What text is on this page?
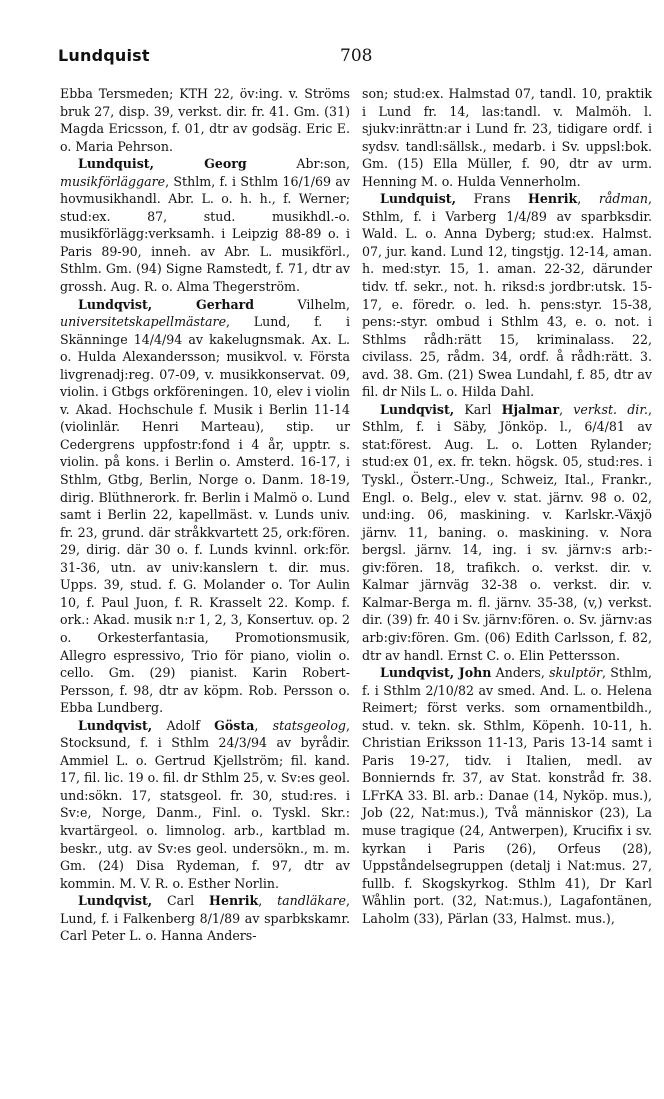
Lundquist	708

Ebba Tersmeden; KTH 22, öv:ing. v. Ströms bruk 27, disp. 39, verkst. dir. fr. 41. Gm. (31) Magda Ericsson, f. 01, dtr av godsäg. Eric E. o. Maria Pehrson.

Lundquist, Georg Abr:son, musikförläggare, Sthlm, f. i Sthlm 16/1/69 av hovmusikhandl. Abr. L. o. h. h., f. Werner; stud:ex. 87, stud. musikhdl.-o. musikförlägg:verksamh. i Leipzig 88-89 o. i Paris 89-90, inneh. av Abr. L. musikförl., Sthlm. Gm. (94) Signe Ramstedt, f. 71, dtr av grossh. Aug. R. o. Alma Thegerström.

Lundqvist, Gerhard Vilhelm, universitetskapellmästare, Lund, f. i Skänninge 14/4/94 av kakelugnsmak. Ax. L. o. Hulda Alexandersson; musikvol. v. Första livgrenadj:reg. 07-09, v. musikkonservat. 09, violin. i Gtbgs orkföreningen. 10, elev i violin v. Akad. Hochschule f. Musik i Berlin 11-14 (violinlär. Henri Marteau), stip. ur Cedergrens uppfostr:fond i 4 år, upptr. s. violin. på kons. i Berlin o. Amsterd. 16-17, i Sthlm, Gtbg, Berlin, Norge o. Danm. 18-19, dirig. Blüthnerork. fr. Berlin i Malmö o. Lund samt i Berlin 22, kapellmäst. v. Lunds univ. fr. 23, grund. där stråkkvartett 25, ork:fören. 29, dirig. där 30 o. f. Lunds kvinnl. ork:för. 31-36, utn. av univ:kanslern t. dir. mus. Upps. 39, stud. f. G. Molander o. Tor Aulin 10, f. Paul Juon, f. R. Krasselt 22. Komp. f. ork.: Akad. musik n:r 1, 2, 3, Konsertuv. op. 2 o. Orkesterfantasia, Promotionsmusik, Allegro espressivo, Trio för piano, violin o. cello. Gm. (29) pianist. Karin Robert-Persson, f. 98, dtr av köpm. Rob. Persson o. Ebba Lundberg.

Lundqvist, Adolf Gösta, statsgeolog, Stocksund, f. i Sthlm 24/3/94 av byrådir. Ammiel L. o. Gertrud Kjellström; fil. kand. 17, fil. lic. 19 o. fil. dr Sthlm 25, v. Sv:es geol. und:sökn. 17, statsgeol. fr. 30, stud:res. i Sv:e, Norge, Danm., Finl. o. Tyskl. Skr.: kvartärgeol. o. limnolog. arb., kartblad m. beskr., utg. av Sv:es geol. undersökn., m. m. Gm. (24) Disa Rydeman, f. 97, dtr av kommin. M. V. R. o. Esther Norlin.

Lundqvist, Carl Henrik, tandläkare, Lund, f. i Falkenberg 8/1/89 av sparbkskamr. Carl Peter L. o. Hanna Anders-

son; stud:ex. Halmstad 07, tandl. 10, praktik i Lund fr. 14, las:tandl. v. Malmöh. l. sjukv:inrättn:ar i Lund fr. 23, tidigare ordf. i sydsv. tandl:sällsk., medarb. i Sv. uppsl:bok. Gm. (15) Ella Müller, f. 90, dtr av urm. Henning M. o. Hulda Vennerholm.

Lundquist, Frans Henrik, rådman, Sthlm, f. i Varberg 1/4/89 av sparbksdir. Wald. L. o. Anna Dyberg; stud:ex. Halmst. 07, jur. kand. Lund 12, tingstjg. 12-14, aman. h. med:styr. 15, 1. aman. 22-32, därunder tidv. tf. sekr., not. h. riksd:s jordbr:utsk. 15-17, e. föredr. o. led. h. pens:styr. 15-38, pens:-styr. ombud i Sthlm 43, e. o. not. i Sthlms rådh:rätt 15, kriminalass. 22, civilass. 25, rådm. 34, ordf. å rådh:rätt. 3. avd. 38. Gm. (21) Swea Lundahl, f. 85, dtr av fil. dr Nils L. o. Hilda Dahl.

Lundqvist, Karl Hjalmar, verkst. dir., Sthlm, f. i Säby, Jönköp. l., 6/4/81 av stat:förest. Aug. L. o. Lotten Rylander; stud:ex 01, ex. fr. tekn. högsk. 05, stud:res. i Tyskl., Österr.-Ung., Schweiz, Ital., Frankr., Engl. o. Belg., elev v. stat. järnv. 98 o. 02, und:ing. 06, maskining. v. Karlskr.-Växjö järnv. 11, baning. o. maskining. v. Nora bergsl. järnv. 14, ing. i sv. järnv:s arb:-giv:fören. 18, trafikch. o. verkst. dir. v. Kalmar järnväg 32-38 o. verkst. dir. v. Kalmar-Berga m. fl. järnv. 35-38, (v,) verkst. dir. (39) fr. 40 i Sv. järnv:fören. o. Sv. järnv:as arb:giv:fören. Gm. (06) Edith Carlsson, f. 82, dtr av handl. Ernst C. o. Elin Pettersson.

Lundqvist, John Anders, skulptör, Sthlm, f. i Sthlm 2/10/82 av smed. And. L. o. Helena Reimert; först verks. som ornamentbildh., stud. v. tekn. sk. Sthlm, Köpenh. 10-11, h. Christian Eriksson 11-13, Paris 13-14 samt i Paris 19-27, tidv. i Italien, medl. av Bonniernds fr. 37, av Stat. konstråd fr. 38. LFrKA 33. Bl. arb.: Danae (14, Nyköp. mus.), Job (22, Nat:mus.), Två människor (23), La muse tragique (24, Antwerpen), Krucifix i sv. kyrkan i Paris (26), Orfeus (28), Uppståndelsegruppen (detalj i Nat:mus. 27, fullb. f. Skogskyrkog. Sthlm 41), Dr Karl Wåhlin port. (32, Nat:mus.), Lagafontänen, Laholm (33), Pärlan (33, Halmst. mus.),
